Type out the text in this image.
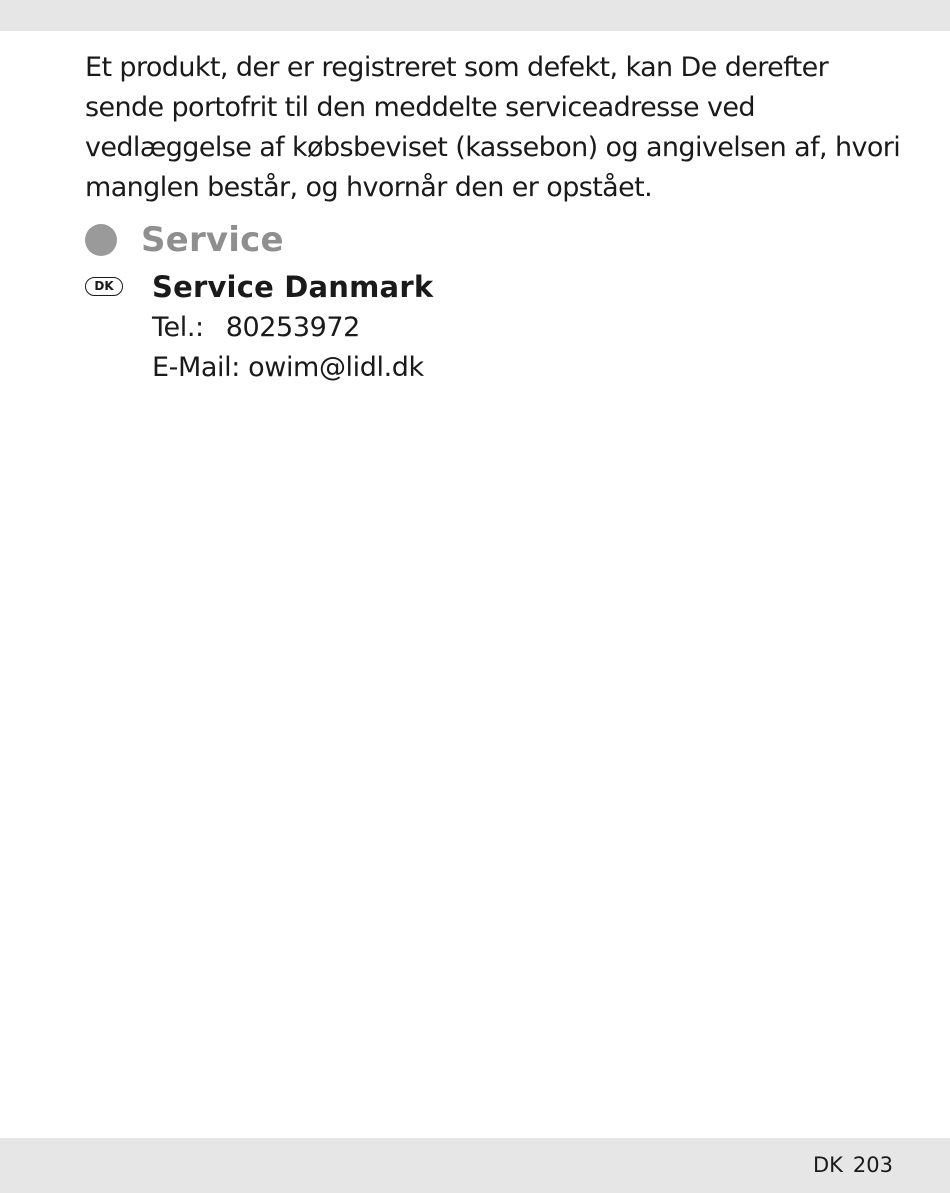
Et produkt, der er registreret som defekt, kan De derefter sende portofrit til den meddelte serviceadresse ved vedlæggelse af købsbeviset (kassebon) og angivelsen af, hvori manglen består, og hvornår den er opstået.

Service
DK	Service Danmark
Tel.: 80253972
E-Mail: owim@lidl.dk
DK 203
